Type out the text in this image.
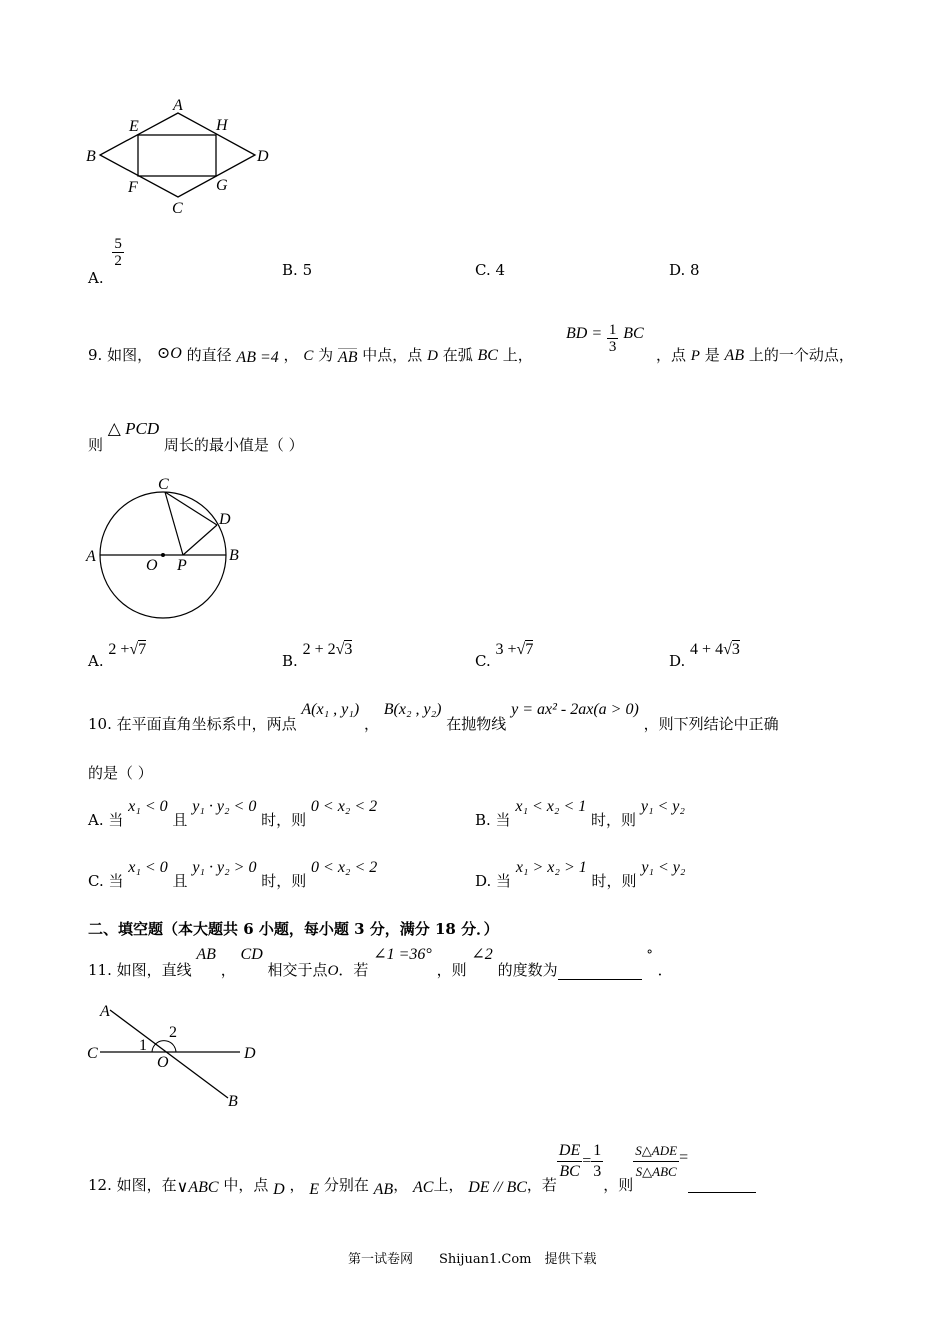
A
B
C
D
E
F	G
H
A.
$\frac{5}{2}$
B. 5	C. 4	D. 8
9. 如图， ⊙O 的直径 AB =4 ， C 为 AB 中点，点 D 在弧 BC 上，
BD = $\frac{1}{3}$ BC
，点 P 是 AB 上的一个动点，
则 △ PCD 周长的最小值是（ ）
C
D
A	B
O P
A. 2 +√7
B. 2 + 2√3
C. 3 +√7
D. 4 + 4√3
10. 在平面直角坐标系中，两点 A(x₁ , y₁) ， B(x₂ , y₂) 在抛物线 y = ax² - 2ax(a > 0) ，则下列结论中正确
的是（ ）
A. 当 x₁ < 0 且 y₁ · y₂ < 0 时，则 0 < x₂ < 2
B. 当 x₁ < x₂ < 1 时，则 y₁ < y₂
C. 当 x₁ < 0 且 y₁ · y₂ > 0 时，则 0 < x₂ < 2
D. 当 x₁ > x₂ > 1 时，则 y₁ < y₂
二、填空题（本大题共 6 小题，每小题 3 分，满分 18 分．）
11. 如图，直线 AB ， CD 相交于点O．若 ∠1 =36° ，则 ∠2 的度数为  ° ．
A
C	D
B
O
1
2
12. 如图，在∨ABC 中，点 D ， E 分别在 AB， AC上， DE // BC，若
$\frac{DE}{BC} = \frac{1}{3}$
，则
$\frac{\text{S△ADE}}{\text{S△ABC}}$ =
第一试卷网　　Shijuan1.Com　提供下载
